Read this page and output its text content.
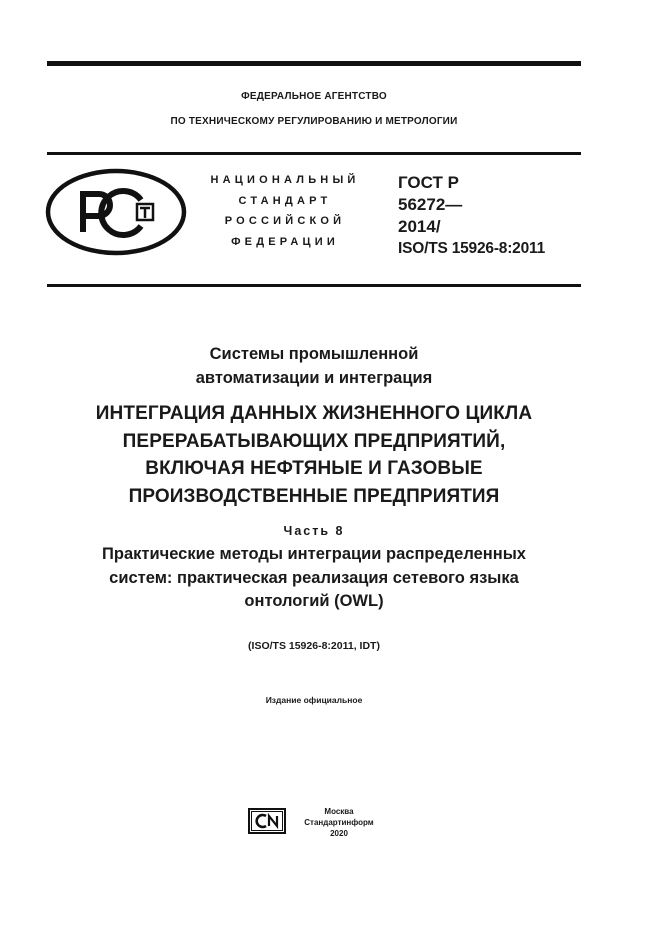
ФЕДЕРАЛЬНОЕ АГЕНТСТВО
ПО ТЕХНИЧЕСКОМУ РЕГУЛИРОВАНИЮ И МЕТРОЛОГИИ
НАЦИОНАЛЬНЫЙ
СТАНДАРТ
РОССИЙСКОЙ
ФЕДЕРАЦИИ
ГОСТ Р
56272—
2014/
ISO/TS 15926-8:2011
Системы промышленной
автоматизации и интеграция
ИНТЕГРАЦИЯ ДАННЫХ ЖИЗНЕННОГО ЦИКЛА
ПЕРЕРАБАТЫВАЮЩИХ ПРЕДПРИЯТИЙ,
ВКЛЮЧАЯ НЕФТЯНЫЕ И ГАЗОВЫЕ
ПРОИЗВОДСТВЕННЫЕ ПРЕДПРИЯТИЯ
Часть 8
Практические методы интеграции распределенных
систем: практическая реализация сетевого языка
онтологий (OWL)
(ISO/TS 15926-8:2011, IDT)
Издание официальное
Москва
Стандартинформ
2020
